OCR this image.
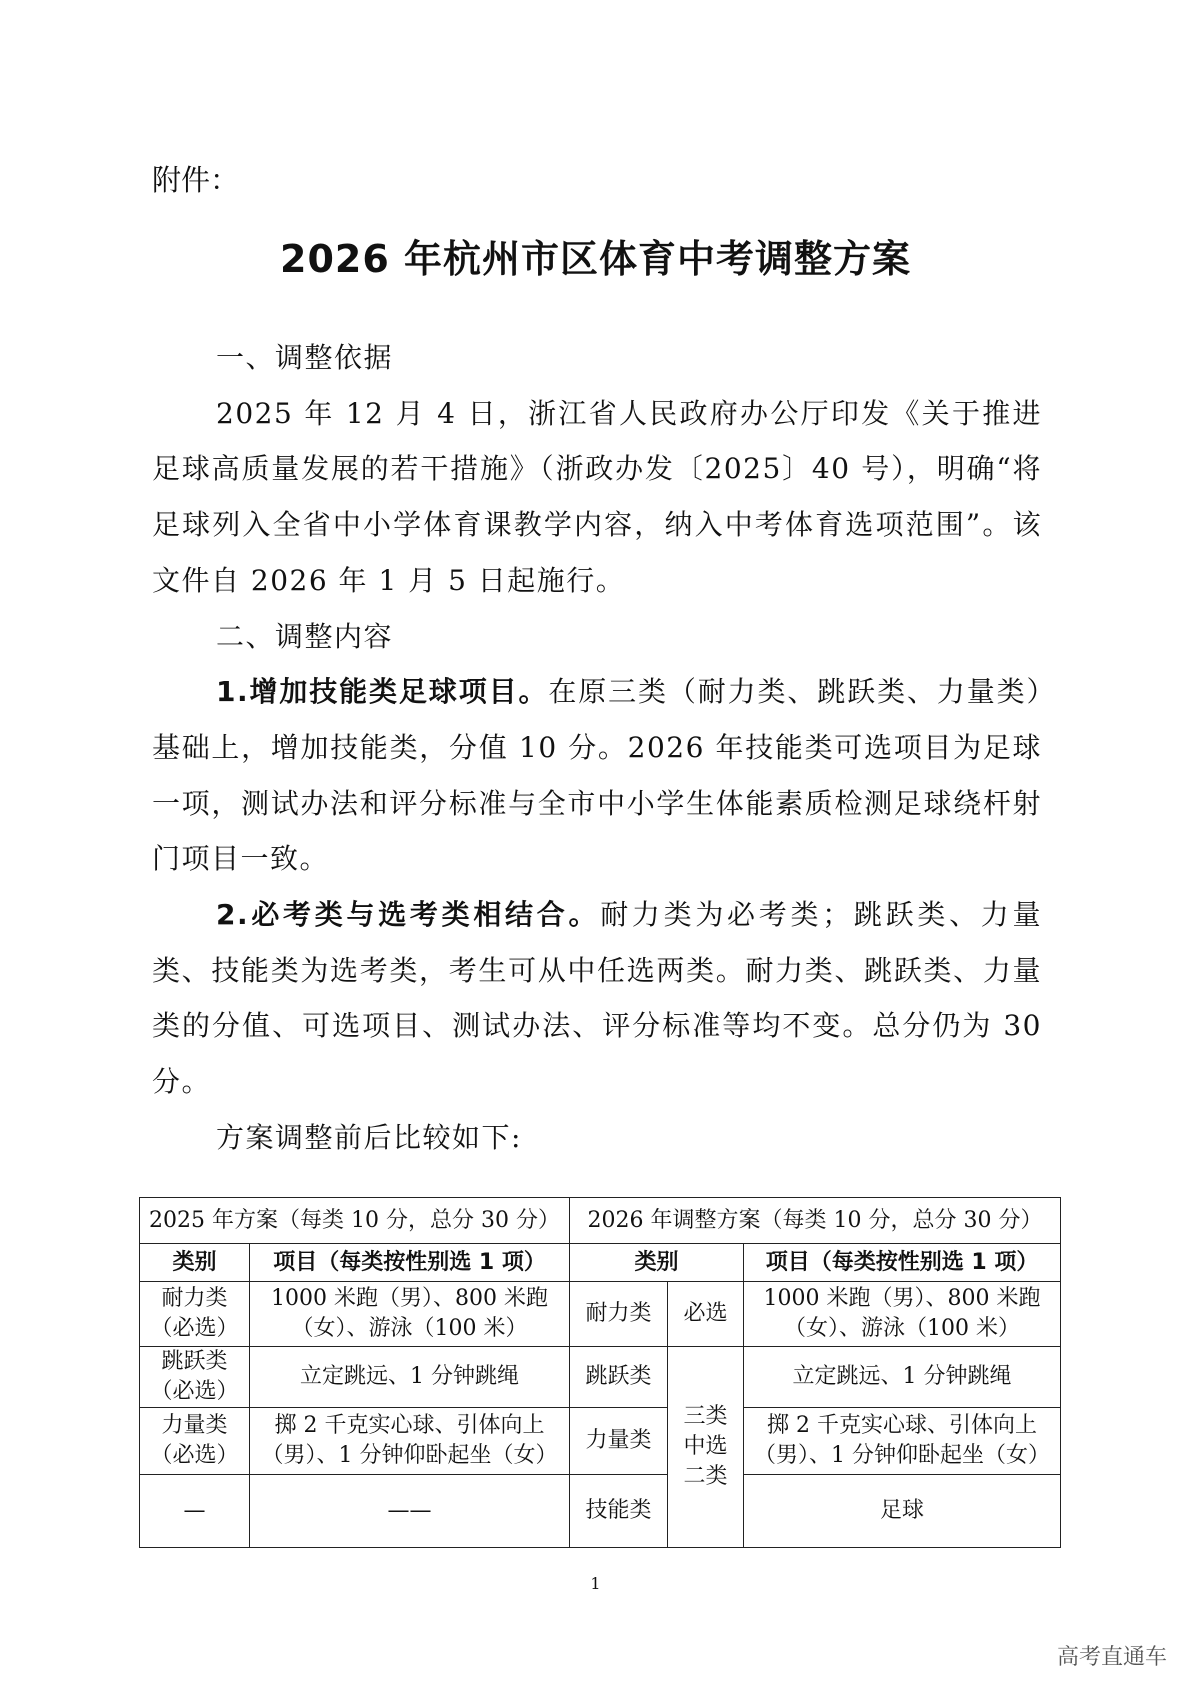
附件：

2026 年杭州市区体育中考调整方案

一、调整依据

2025 年 12 月 4 日，浙江省人民政府办公厅印发《关于推进足球高质量发展的若干措施》（浙政办发〔2025〕40 号），明确“将足球列入全省中小学体育课教学内容，纳入中考体育选项范围”。该文件自 2026 年 1 月 5 日起施行。

二、调整内容

1.增加技能类足球项目。在原三类（耐力类、跳跃类、力量类）基础上，增加技能类，分值 10 分。2026 年技能类可选项目为足球一项，测试办法和评分标准与全市中小学生体能素质检测足球绕杆射门项目一致。

2.必考类与选考类相结合。耐力类为必考类；跳跃类、力量类、技能类为选考类，考生可从中任选两类。耐力类、跳跃类、力量类的分值、可选项目、测试办法、评分标准等均不变。总分仍为 30 分。

方案调整前后比较如下:

2025 年方案（每类 10 分，总分 30 分）		2026 年调整方案（每类 10 分，总分 30 分）		
类别	项目（每类按性别选 1 项）	类别		项目（每类按性别选 1 项）
耐力类（必选）	1000 米跑（男）、800 米跑（女）、游泳（100 米）	耐力类	必选	1000 米跑（男）、800 米跑（女）、游泳（100 米）
跳跃类（必选）	立定跳远、1 分钟跳绳	跳跃类	三类中选二类	立定跳远、1 分钟跳绳
力量类（必选）	掷 2 千克实心球、引体向上（男）、1 分钟仰卧起坐（女）	力量类		掷 2 千克实心球、引体向上（男）、1 分钟仰卧起坐（女）
—	——	技能类		足球
1
高考直通车
